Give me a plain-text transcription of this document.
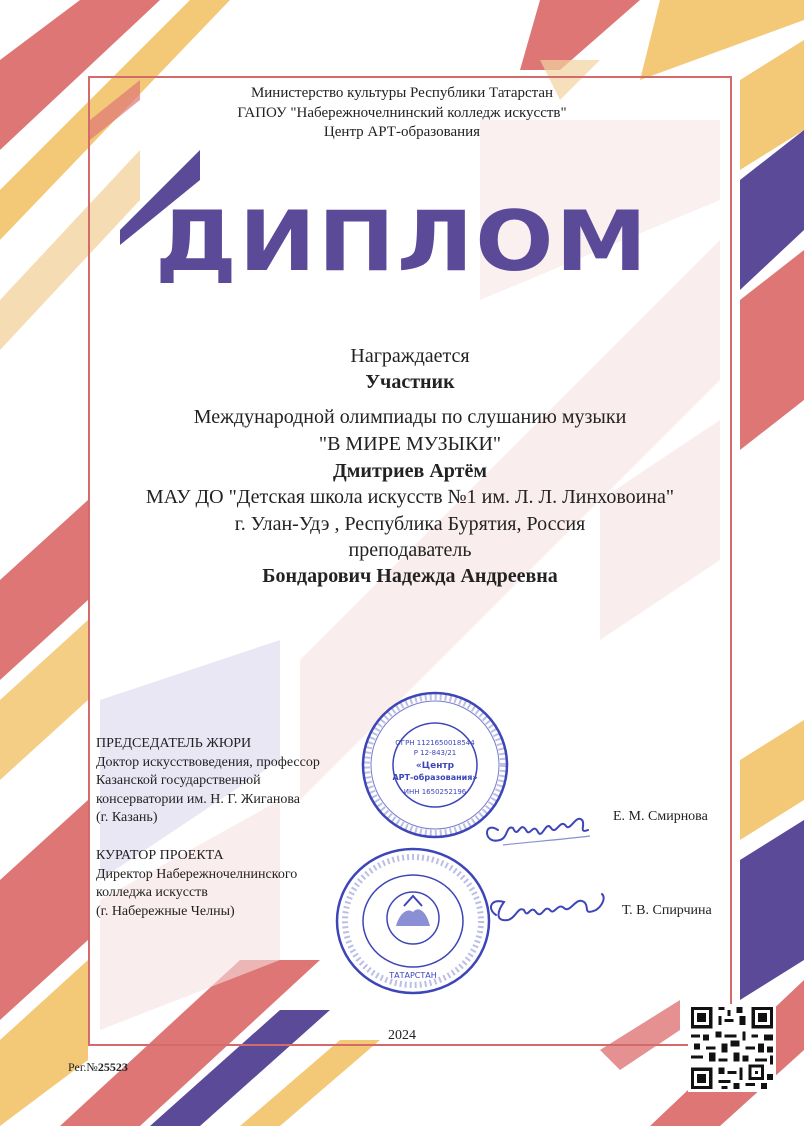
Министерство культуры Республики Татарстан
ГАПОУ "Набережночелнинский колледж искусств"
Центр АРТ-образования
ДИПЛОМ
Награждается
Участник
Международной олимпиады по слушанию музыки
"В МИРЕ МУЗЫКИ"
Дмитриев Артём
МАУ ДО "Детская школа искусств №1 им. Л. Л. Линховоина"
г. Улан-Удэ , Республика Бурятия, Россия
преподаватель
Бондарович Надежда Андреевна
ПРЕДСЕДАТЕЛЬ ЖЮРИ
Доктор искусствоведения, профессор
Казанской государственной
консерватории им. Н. Г. Жиганова
(г. Казань)	Е. М. Смирнова
КУРАТОР ПРОЕКТА
Директор Набережночелнинского
колледжа искусств
(г. Набережные Челны)	Т. В. Спирчина
ОГРН 1121650018544
Р 12-843/21
«Центр
АРТ-образования»
ИНН 1650252196
ТАТАРСТАН
2024
Рег.№25523
